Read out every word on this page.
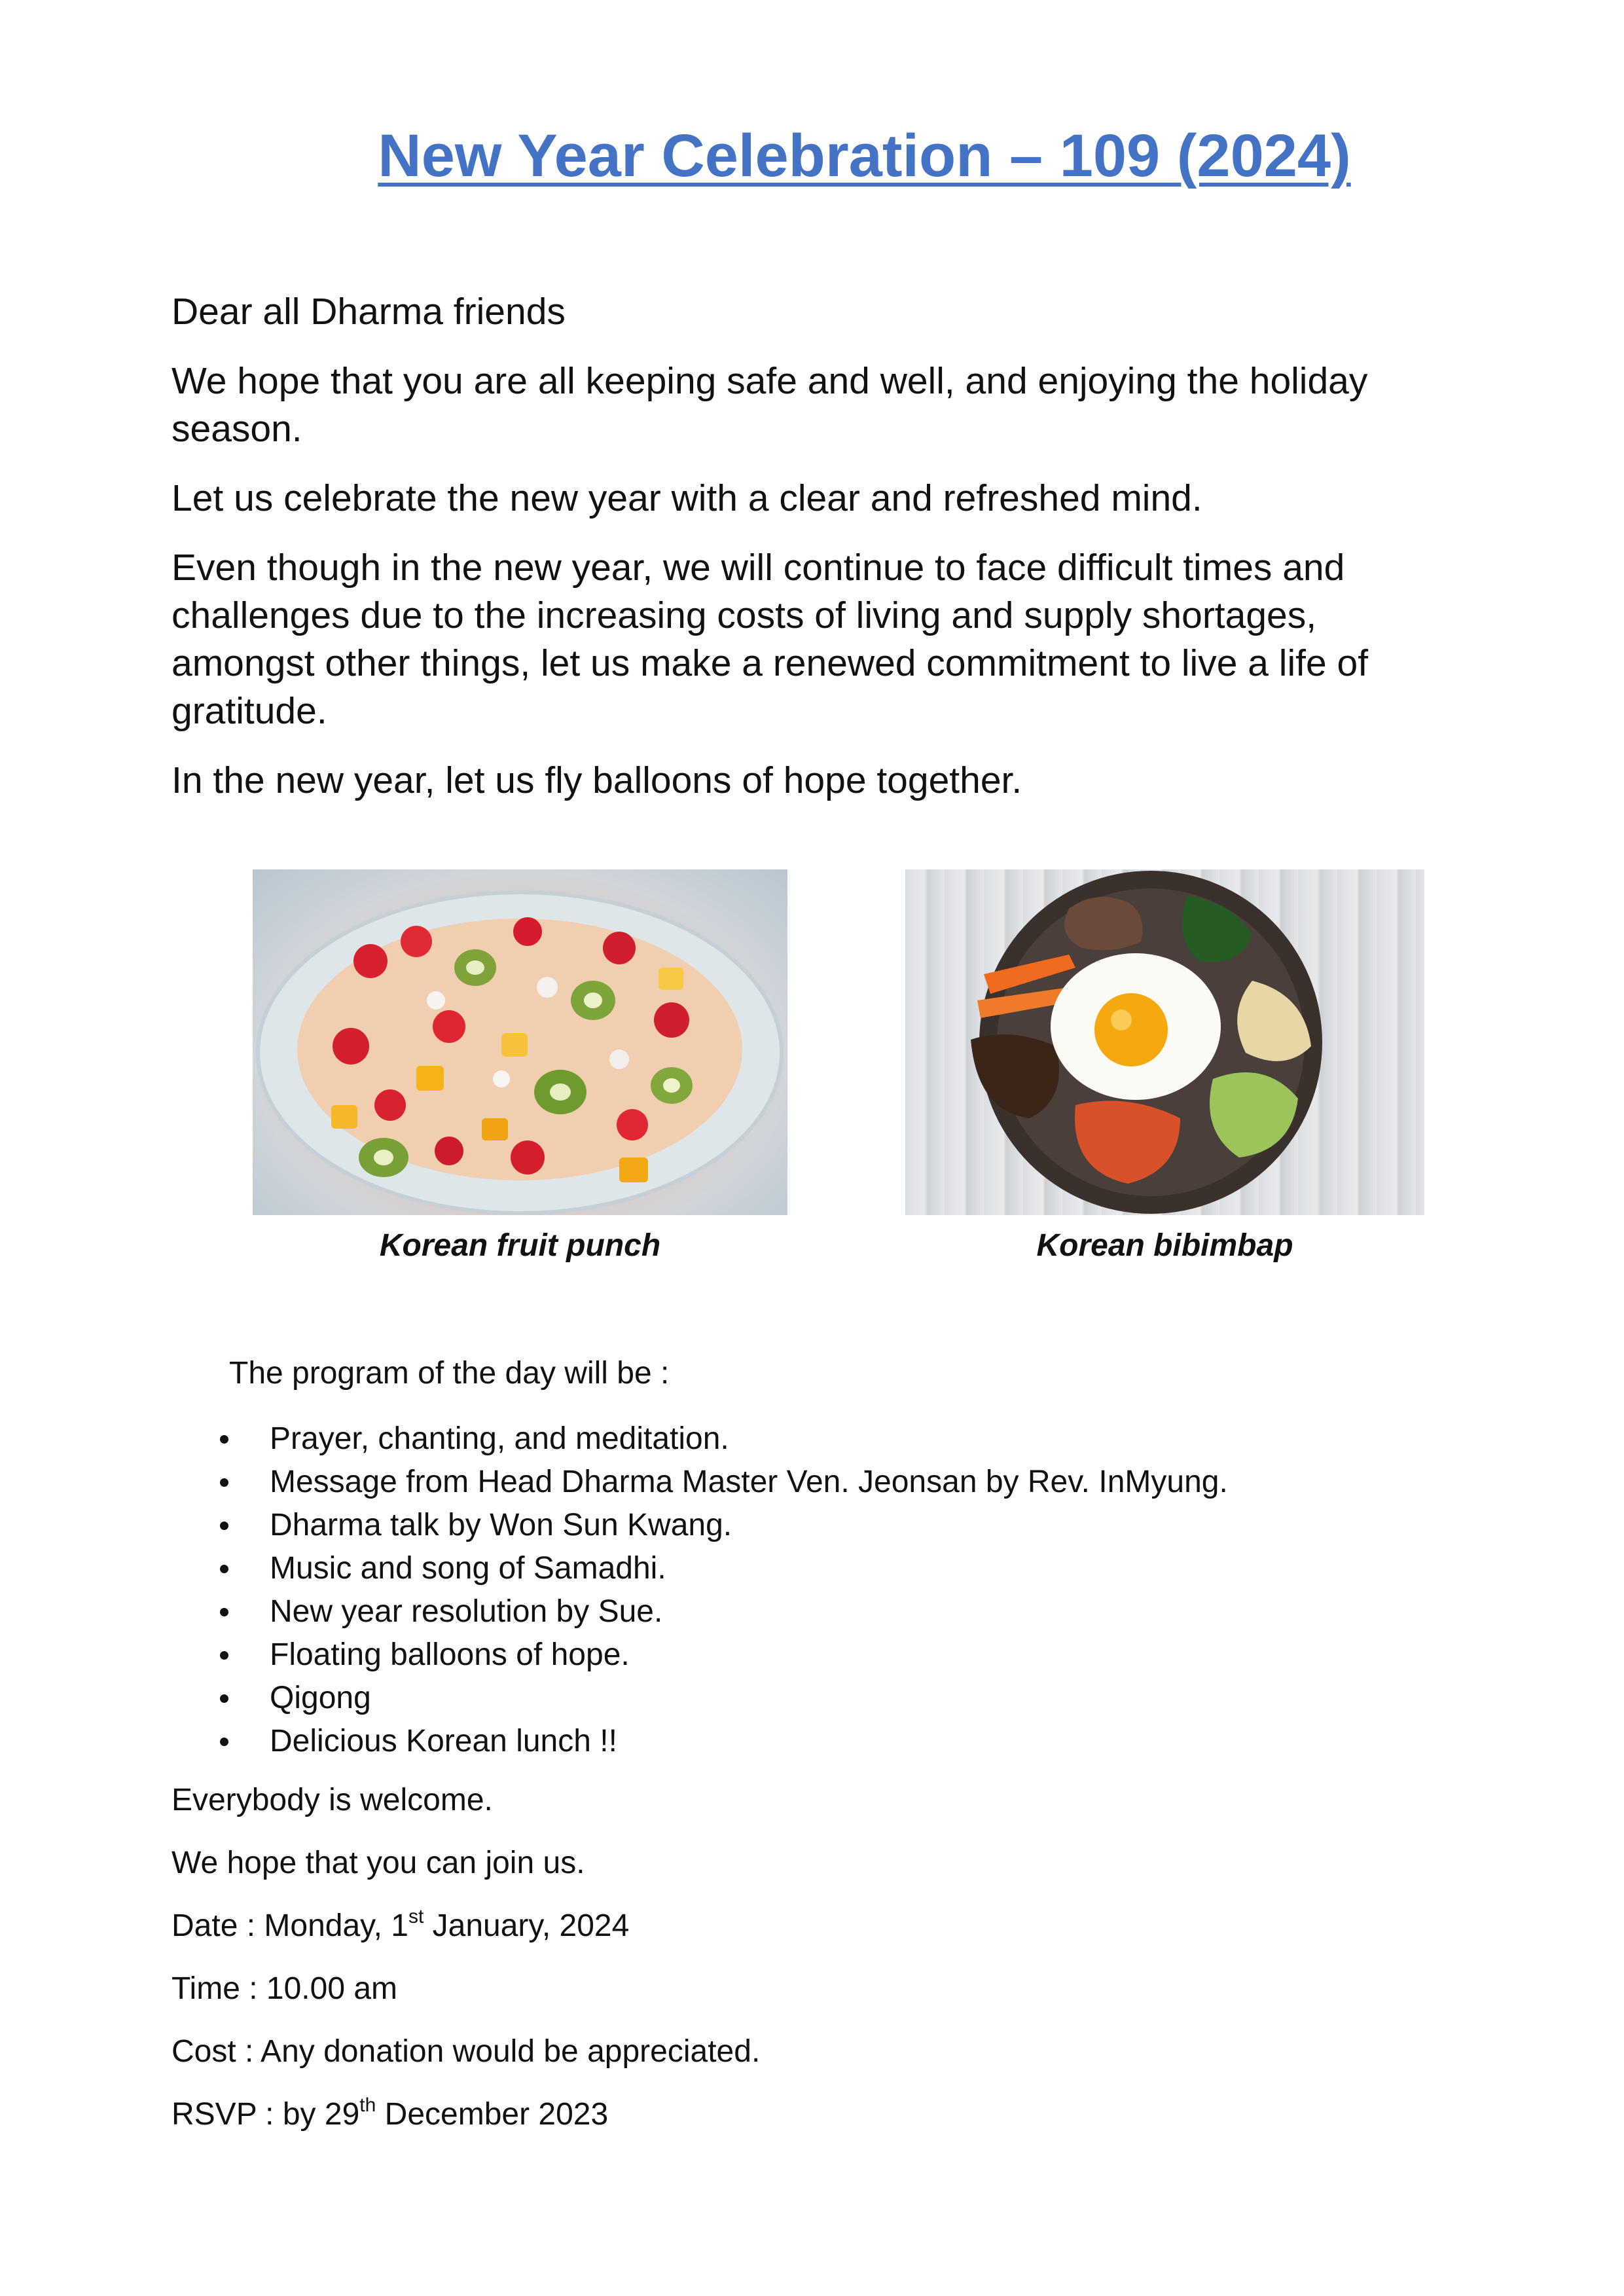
New Year Celebration – 109 (2024)

Dear all Dharma friends

We hope that you are all keeping safe and well, and enjoying the holiday season.

Let us celebrate the new year with a clear and refreshed mind.

Even though in the new year, we will continue to face difficult times and challenges due to the increasing costs of living and supply shortages, amongst other things, let us make a renewed commitment to live a life of gratitude.

In the new year, let us fly balloons of hope together.

Korean fruit punch	Korean bibimbap

The program of the day will be :

Prayer, chanting, and meditation.
Message from Head Dharma Master Ven. Jeonsan by Rev. InMyung.
Dharma talk by Won Sun Kwang.
Music and song of Samadhi.
New year resolution by Sue.
Floating balloons of hope.
Qigong
Delicious Korean lunch !!

Everybody is welcome.

We hope that you can join us.

Date : Monday, 1st January, 2024

Time : 10.00 am

Cost : Any donation would be appreciated.

RSVP : by 29th December 2023
